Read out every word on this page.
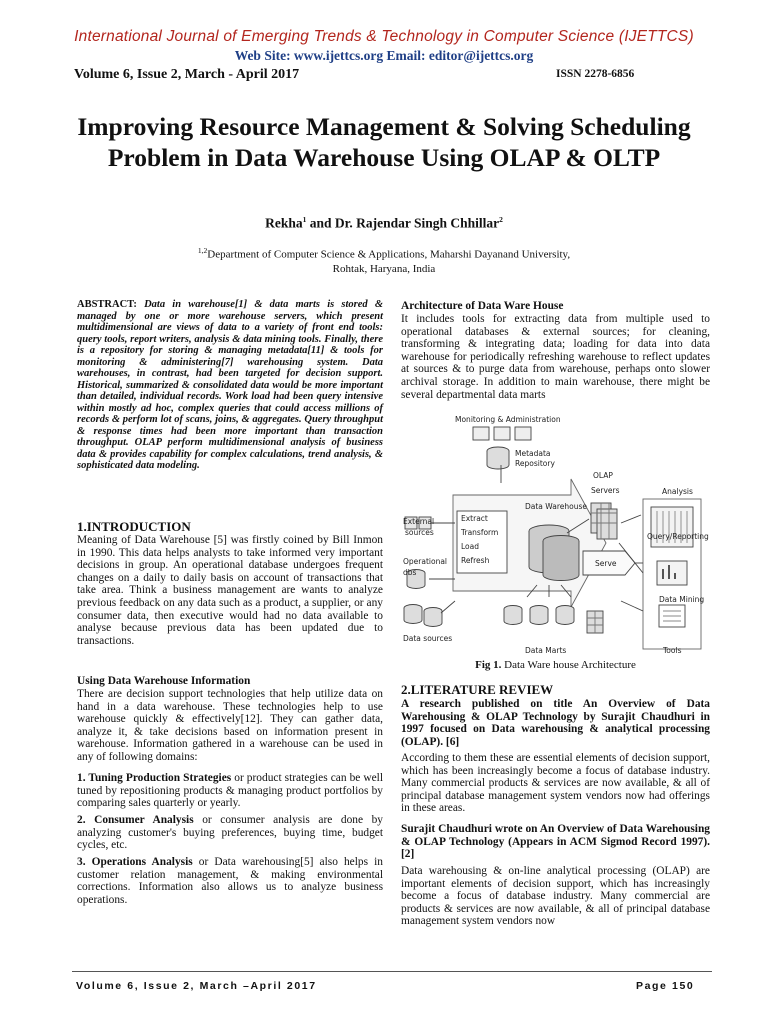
International Journal of Emerging Trends & Technology in Computer Science (IJETTCS)
Web Site: www.ijettcs.org Email: editor@ijettcs.org
Volume 6, Issue 2, March - April 2017	ISSN 2278-6856
Improving Resource Management & Solving Scheduling Problem in Data Warehouse Using OLAP & OLTP
Rekha$^1$ and Dr. Rajendar Singh Chhillar$^2$
$^{1,2}$Department of Computer Science & Applications, Maharshi Dayanand University,
Rohtak, Haryana, India
ABSTRACT: Data in warehouse[1] & data marts is stored & managed by one or more warehouse servers, which present multidimensional are views of data to a variety of front end tools: query tools, report writers, analysis & data mining tools. Finally, there is a repository for storing & managing metadata[11] & tools for monitoring & administering[7] warehousing system. Data warehouses, in contrast, had been targeted for decision support. Historical, summarized & consolidated data would be more important than detailed, individual records. Work load had been query intensive within mostly ad hoc, complex queries that could access millions of records & perform lot of scans, joins, & aggregates. Query throughput & response times had been more important than transaction throughput. OLAP perform multidimensional analysis of business data & provides capability for complex calculations, trend analysis, & sophisticated data modeling.
1.INTRODUCTION
Meaning of Data Warehouse [5] was firstly coined by Bill Inmon in 1990. This data helps analysts to take informed very important decisions in group. An operational database undergoes frequent changes on a daily to daily basis on account of transactions that take area. Think a business management are wants to analyze previous feedback on any data such as a product, a supplier, or any consumer data, then executive would had no data available to analyse because previous data has been updated due to transactions.
Using Data Warehouse Information
There are decision support technologies that help utilize data on hand in a data warehouse. These technologies help to use warehouse quickly & effectively[12]. They can gather data, analyze it, & take decisions based on information present in warehouse. Information gathered in a warehouse can be used in any of following domains:
1. Tuning Production Strategies or product strategies can be well tuned by repositioning products & managing product portfolios by comparing sales quarterly or yearly.
2. Consumer Analysis or consumer analysis are done by analyzing customer's buying preferences, buying time, budget cycles, etc.
3. Operations Analysis or Data warehousing[5] also helps in customer relation management, & making environmental corrections. Information also allows us to analyze business operations.
Architecture of Data Ware House
It includes tools for extracting data from multiple used to operational databases & external sources; for cleaning, transforming & integrating data; loading for data into data warehouse for periodically refreshing warehouse to reflect updates at sources & to purge data from warehouse, perhaps onto slower archival storage. In addition to main warehouse, there might be several departmental data marts
Monitoring & Administration
Metadata
Repository
OLAP
Servers	Analysis
Query/Reporting
Data Mining
Tools
External
sources
Operational
dbs
Extract
Transform
Load
Refresh
Data Warehouse
Serve
Data sources
Data Marts
Fig 1. Data Ware house Architecture
2.LITERATURE REVIEW
A research published on title An Overview of Data Warehousing & OLAP Technology by Surajit Chaudhuri in 1997 focused on Data warehousing & analytical processing (OLAP). [6]
According to them these are essential elements of decision support, which has been increasingly become a focus of database industry. Many commercial products & services are now available, & all of principal database management system vendors now had offerings in these areas.
Surajit Chaudhuri wrote on An Overview of Data Warehousing & OLAP Technology (Appears in ACM Sigmod Record 1997).[2]
Data warehousing & on-line analytical processing (OLAP) are important elements of decision support, which has increasingly become a focus of database industry. Many commercial are products & services are now available, & all of principal database management system vendors now
Volume 6, Issue 2, March –April 2017	Page 150
